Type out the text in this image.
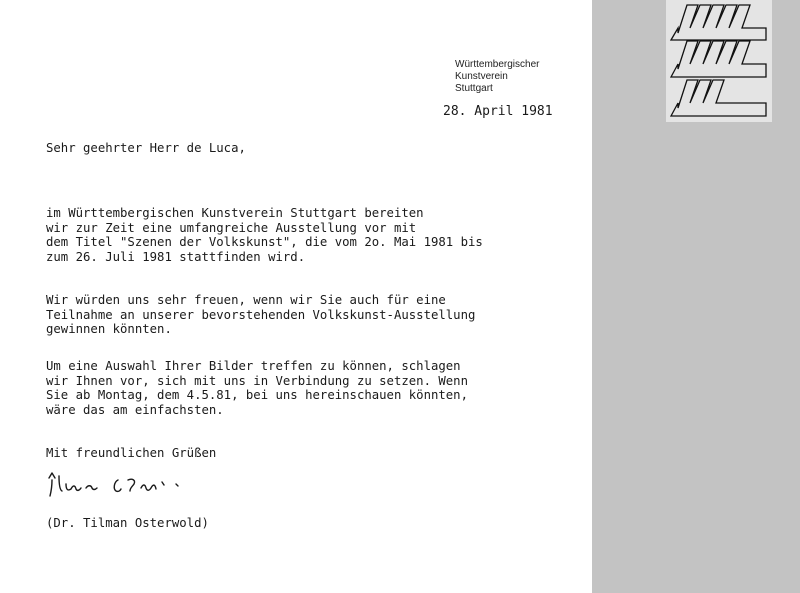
Württembergischer
Kunstverein
Stuttgart
28. April 1981
Sehr geehrter Herr de Luca,
im Württembergischen Kunstverein Stuttgart bereiten
wir zur Zeit eine umfangreiche Ausstellung vor mit
dem Titel "Szenen der Volkskunst", die vom 2o. Mai 1981 bis
zum 26. Juli 1981 stattfinden wird.
Wir würden uns sehr freuen, wenn wir Sie auch für eine
Teilnahme an unserer bevorstehenden Volkskunst-Ausstellung
gewinnen könnten.
Um eine Auswahl Ihrer Bilder treffen zu können, schlagen
wir Ihnen vor, sich mit uns in Verbindung zu setzen. Wenn
Sie ab Montag, dem 4.5.81, bei uns hereinschauen könnten,
wäre das am einfachsten.
Mit freundlichen Grüßen
(Dr. Tilman Osterwold)
